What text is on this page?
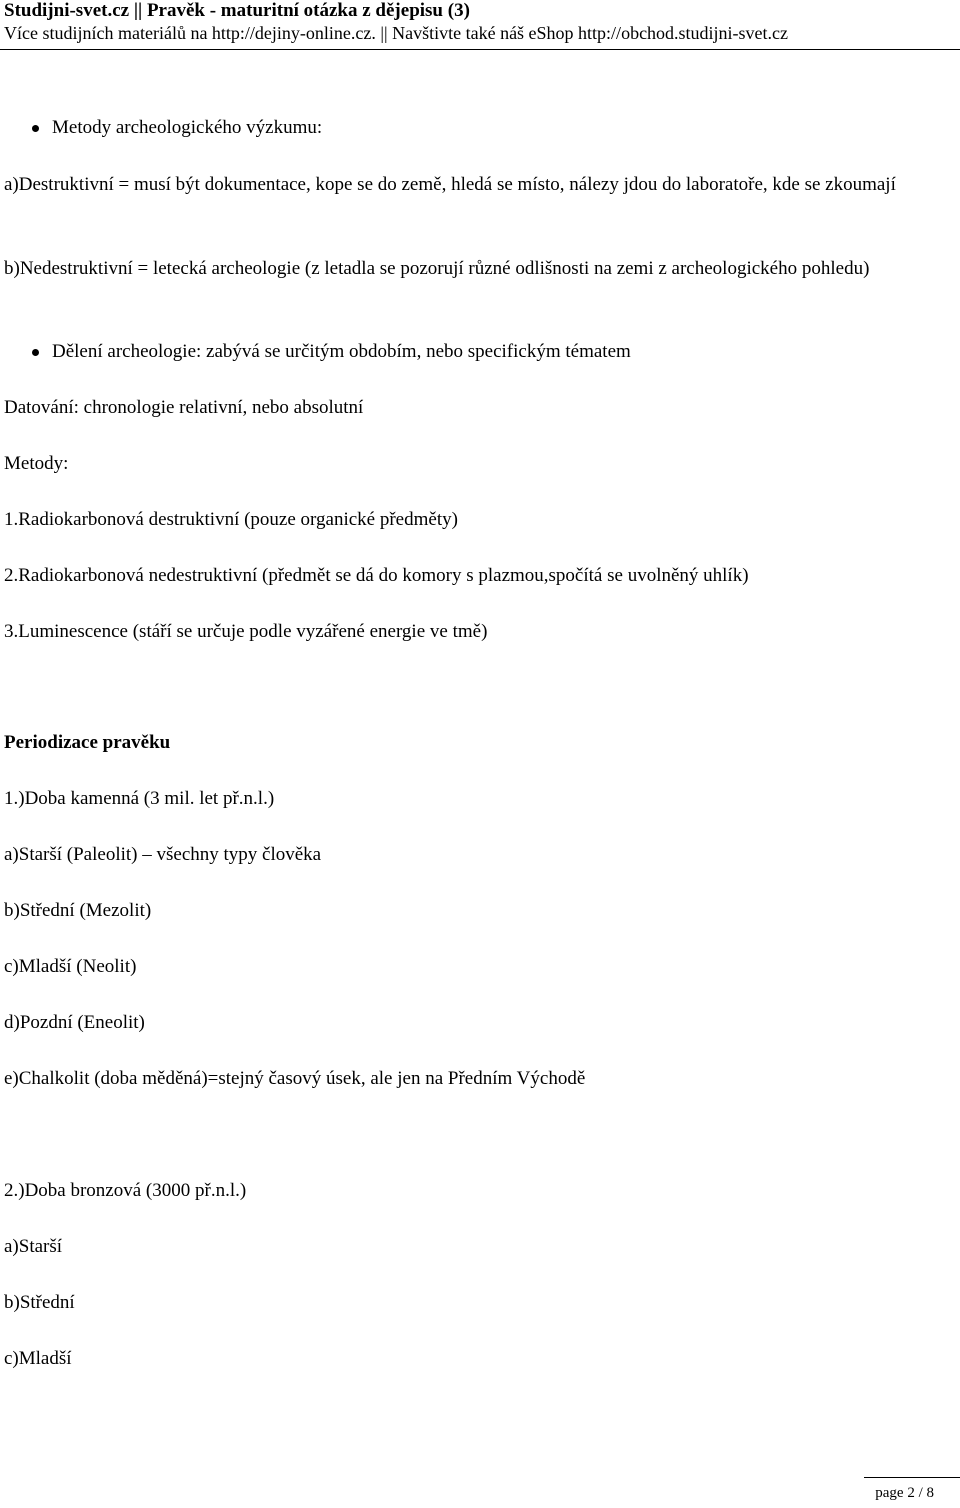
Studijni-svet.cz || Pravěk - maturitní otázka z dějepisu (3)
Více studijních materiálů na http://dejiny-online.cz. || Navštivte také náš eShop http://obchod.studijni-svet.cz
Metody archeologického výzkumu:
a)Destruktivní = musí být dokumentace, kope se do země, hledá se místo, nálezy jdou do laboratoře, kde se zkoumají
b)Nedestruktivní = letecká archeologie (z letadla se pozorují různé odlišnosti na zemi z archeologického pohledu)
Dělení archeologie: zabývá se určitým obdobím, nebo specifickým tématem
Datování: chronologie relativní, nebo absolutní
Metody:
1.Radiokarbonová destruktivní (pouze organické předměty)
2.Radiokarbonová nedestruktivní (předmět se dá do komory s plazmou,spočítá se uvolněný uhlík)
3.Luminescence (stáří se určuje podle vyzářené energie ve tmě)
Periodizace pravěku
1.)Doba kamenná (3 mil. let př.n.l.)
a)Starší (Paleolit) – všechny typy člověka
b)Střední (Mezolit)
c)Mladší (Neolit)
d)Pozdní (Eneolit)
e)Chalkolit (doba měděná)=stejný časový úsek, ale jen na Předním Východě
2.)Doba bronzová (3000 př.n.l.)
a)Starší
b)Střední
c)Mladší
page 2 / 8
